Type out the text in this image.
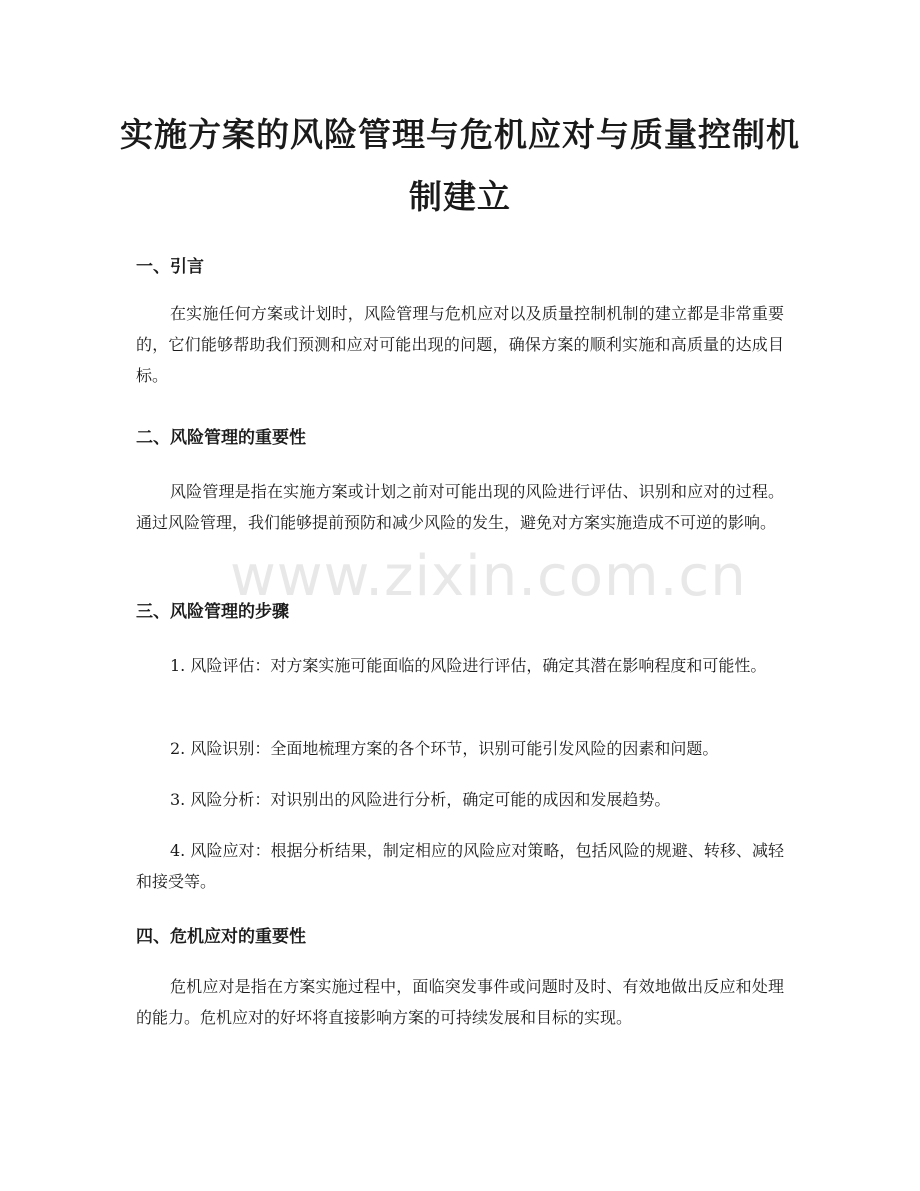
实施方案的风险管理与危机应对与质量控制机制建立
一、引言

在实施任何方案或计划时，风险管理与危机应对以及质量控制机制的建立都是非常重要的，它们能够帮助我们预测和应对可能出现的问题，确保方案的顺利实施和高质量的达成目标。

二、风险管理的重要性

风险管理是指在实施方案或计划之前对可能出现的风险进行评估、识别和应对的过程。通过风险管理，我们能够提前预防和减少风险的发生，避免对方案实施造成不可逆的影响。

三、风险管理的步骤

1. 风险评估：对方案实施可能面临的风险进行评估，确定其潜在影响程度和可能性。

2. 风险识别：全面地梳理方案的各个环节，识别可能引发风险的因素和问题。

3. 风险分析：对识别出的风险进行分析，确定可能的成因和发展趋势。

4. 风险应对：根据分析结果，制定相应的风险应对策略，包括风险的规避、转移、减轻和接受等。

四、危机应对的重要性

危机应对是指在方案实施过程中，面临突发事件或问题时及时、有效地做出反应和处理的能力。危机应对的好坏将直接影响方案的可持续发展和目标的实现。

www.zixin.com.cn
